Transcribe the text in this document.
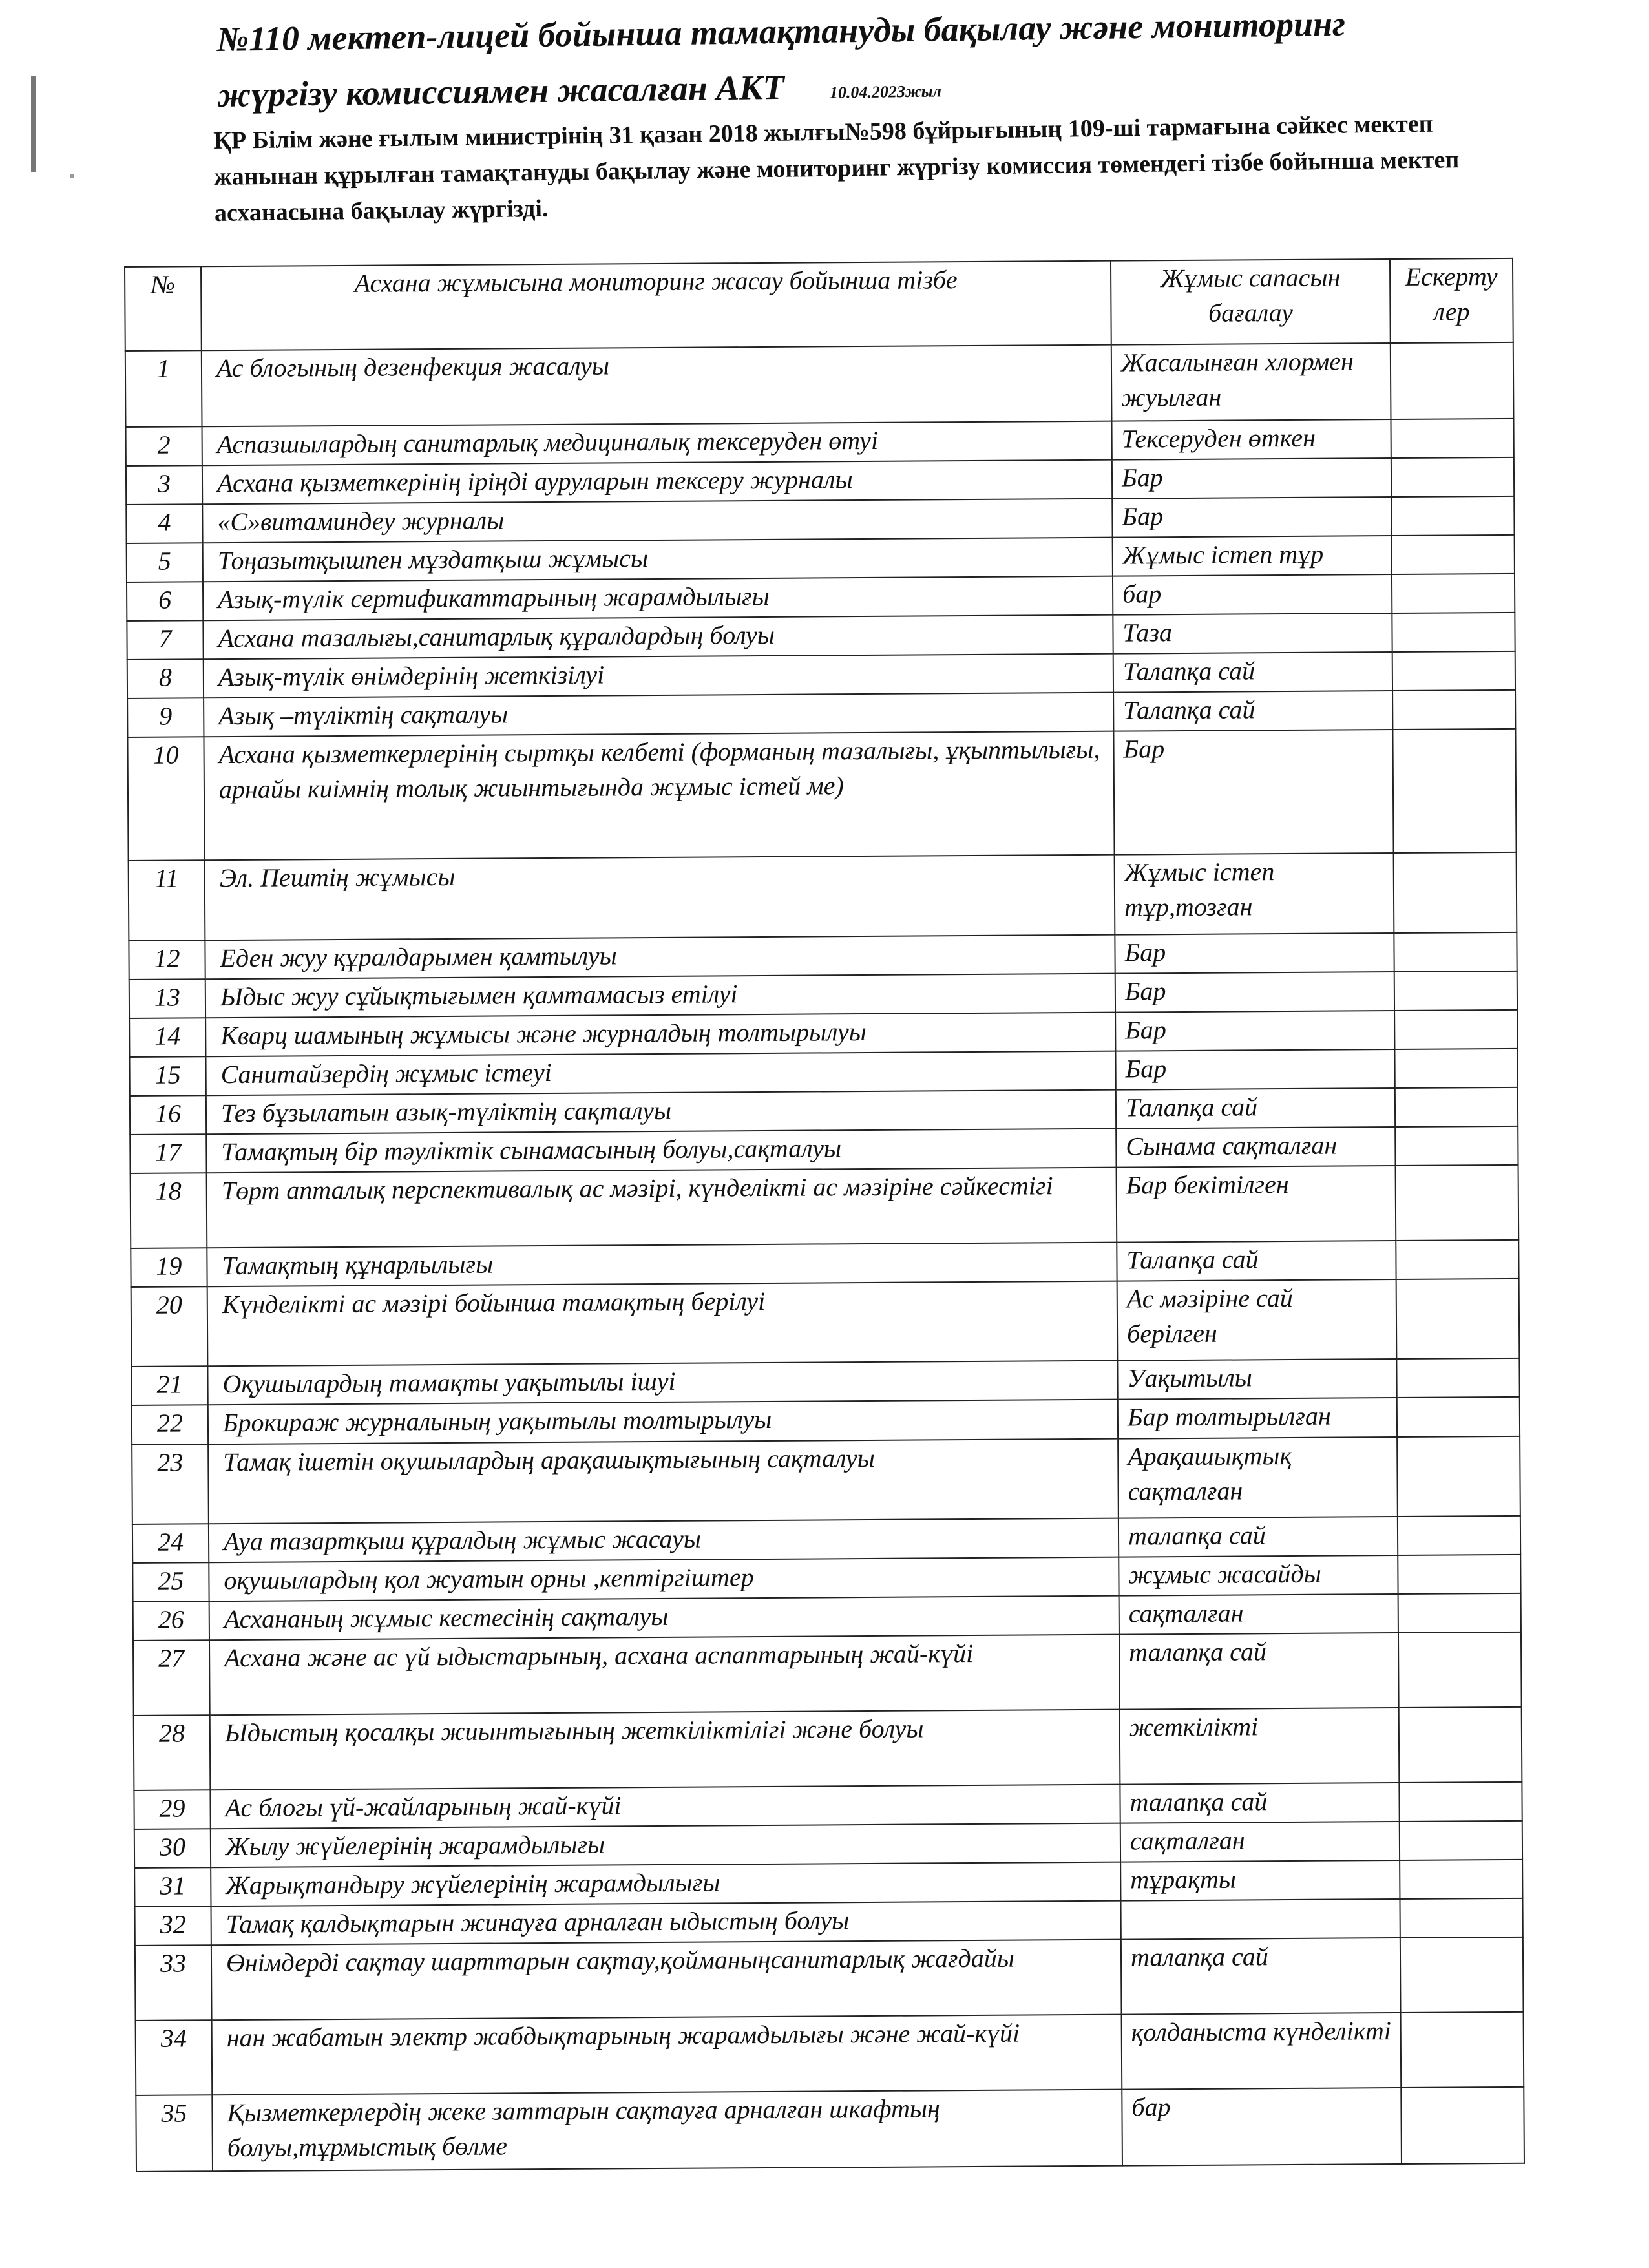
№110 мектеп-лицей бойынша тамақтануды бақылау және мониторинг
жүргізу комиссиямен жасалған АКТ	10.04.2023жыл
ҚР Білім және ғылым министрінің 31 қазан 2018 жылғы№598 бұйрығының 109-ші тармағына сәйкес мектеп жанынан құрылған тамақтануды бақылау және мониторинг жүргізу комиссия төмендегі тізбе бойынша мектеп асханасына бақылау жүргізді.
№	Асхана жұмысына мониторинг жасау бойынша тізбе	Жұмыс сапасын бағалау	Ескерту лер
1	Ас блогының дезенфекция жасалуы	Жасалынған хлормен жуылған	
2	Аспазшылардың санитарлық медициналық тексеруден өтуі	Тексеруден өткен	
3	Асхана қызметкерінің іріңді ауруларын тексеру журналы	Бар	
4	«С»витаминдеу журналы	Бар	
5	Тоңазытқышпен мұздатқыш жұмысы	Жұмыс істеп тұр	
6	Азық-түлік сертификаттарының жарамдылығы	бар	
7	Асхана тазалығы,санитарлық құралдардың болуы	Таза	
8	Азық-түлік өнімдерінің жеткізілуі	Талапқа сай	
9	Азық –түліктің сақталуы	Талапқа сай	
10	Асхана қызметкерлерінің сыртқы келбеті (форманың тазалығы, ұқыптылығы, арнайы киімнің толық жиынтығында жұмыс істей ме)	Бар	
11	Эл. Пештің жұмысы	Жұмыс істеп тұр,тозған	
12	Еден жуу құралдарымен қамтылуы	Бар	
13	Ыдыс жуу сұйықтығымен қамтамасыз етілуі	Бар	
14	Кварц шамының жұмысы және журналдың толтырылуы	Бар	
15	Санитайзердің жұмыс істеуі	Бар	
16	Тез бұзылатын азық-түліктің сақталуы	Талапқа сай	
17	Тамақтың бір тәуліктік сынамасының болуы,сақталуы	Сынама сақталған	
18	Төрт апталық перспективалық ас мәзірі, күнделікті ас мәзіріне сәйкестігі	Бар бекітілген	
19	Тамақтың құнарлылығы	Талапқа сай	
20	Күнделікті ас мәзірі бойынша тамақтың берілуі	Ас мәзіріне сай берілген	
21	Оқушылардың тамақты уақытылы ішуі	Уақытылы	
22	Брокираж журналының уақытылы толтырылуы	Бар толтырылған	
23	Тамақ ішетін оқушылардың арақашықтығының сақталуы	Арақашықтық сақталған	
24	Ауа тазартқыш құралдың жұмыс жасауы	талапқа сай	
25	оқушылардың қол жуатын орны ,кептіргіштер	жұмыс жасайды	
26	Асхананың жұмыс кестесінің сақталуы	сақталған	
27	Асхана және ас үй ыдыстарының, асхана аспаптарының жай-күйі	талапқа сай	
28	Ыдыстың қосалқы жиынтығының жеткіліктілігі және болуы	жеткілікті	
29	Ас блогы үй-жайларының жай-күйі	талапқа сай	
30	Жылу жүйелерінің жарамдылығы	сақталған	
31	Жарықтандыру жүйелерінің жарамдылығы	тұрақты	
32	Тамақ қалдықтарын жинауға арналған ыдыстың болуы		
33	Өнімдерді сақтау шарттарын сақтау,қойманыңсанитарлық жағдайы	талапқа сай	
34	нан жабатын электр жабдықтарының жарамдылығы және жай-күйі	қолданыста күнделікті	
35	Қызметкерлердің жеке заттарын сақтауға арналған шкафтың болуы,тұрмыстық бөлме	бар	
